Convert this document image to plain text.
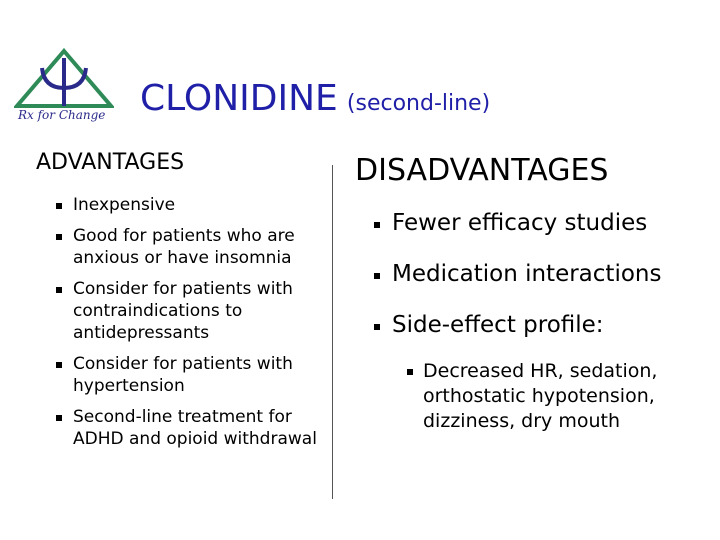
Rx for Change CLONIDINE (second-line)
ADVANTAGES	DISADVANTAGES
Inexpensive
Good for patients who are anxious or have insomnia
Consider for patients with contraindications to antidepressants
Consider for patients with hypertension
Second-line treatment for ADHD and opioid withdrawal
Fewer efficacy studies
Medication interactions
Side-effect profile:
Decreased HR, sedation, orthostatic hypotension, dizziness, dry mouth
